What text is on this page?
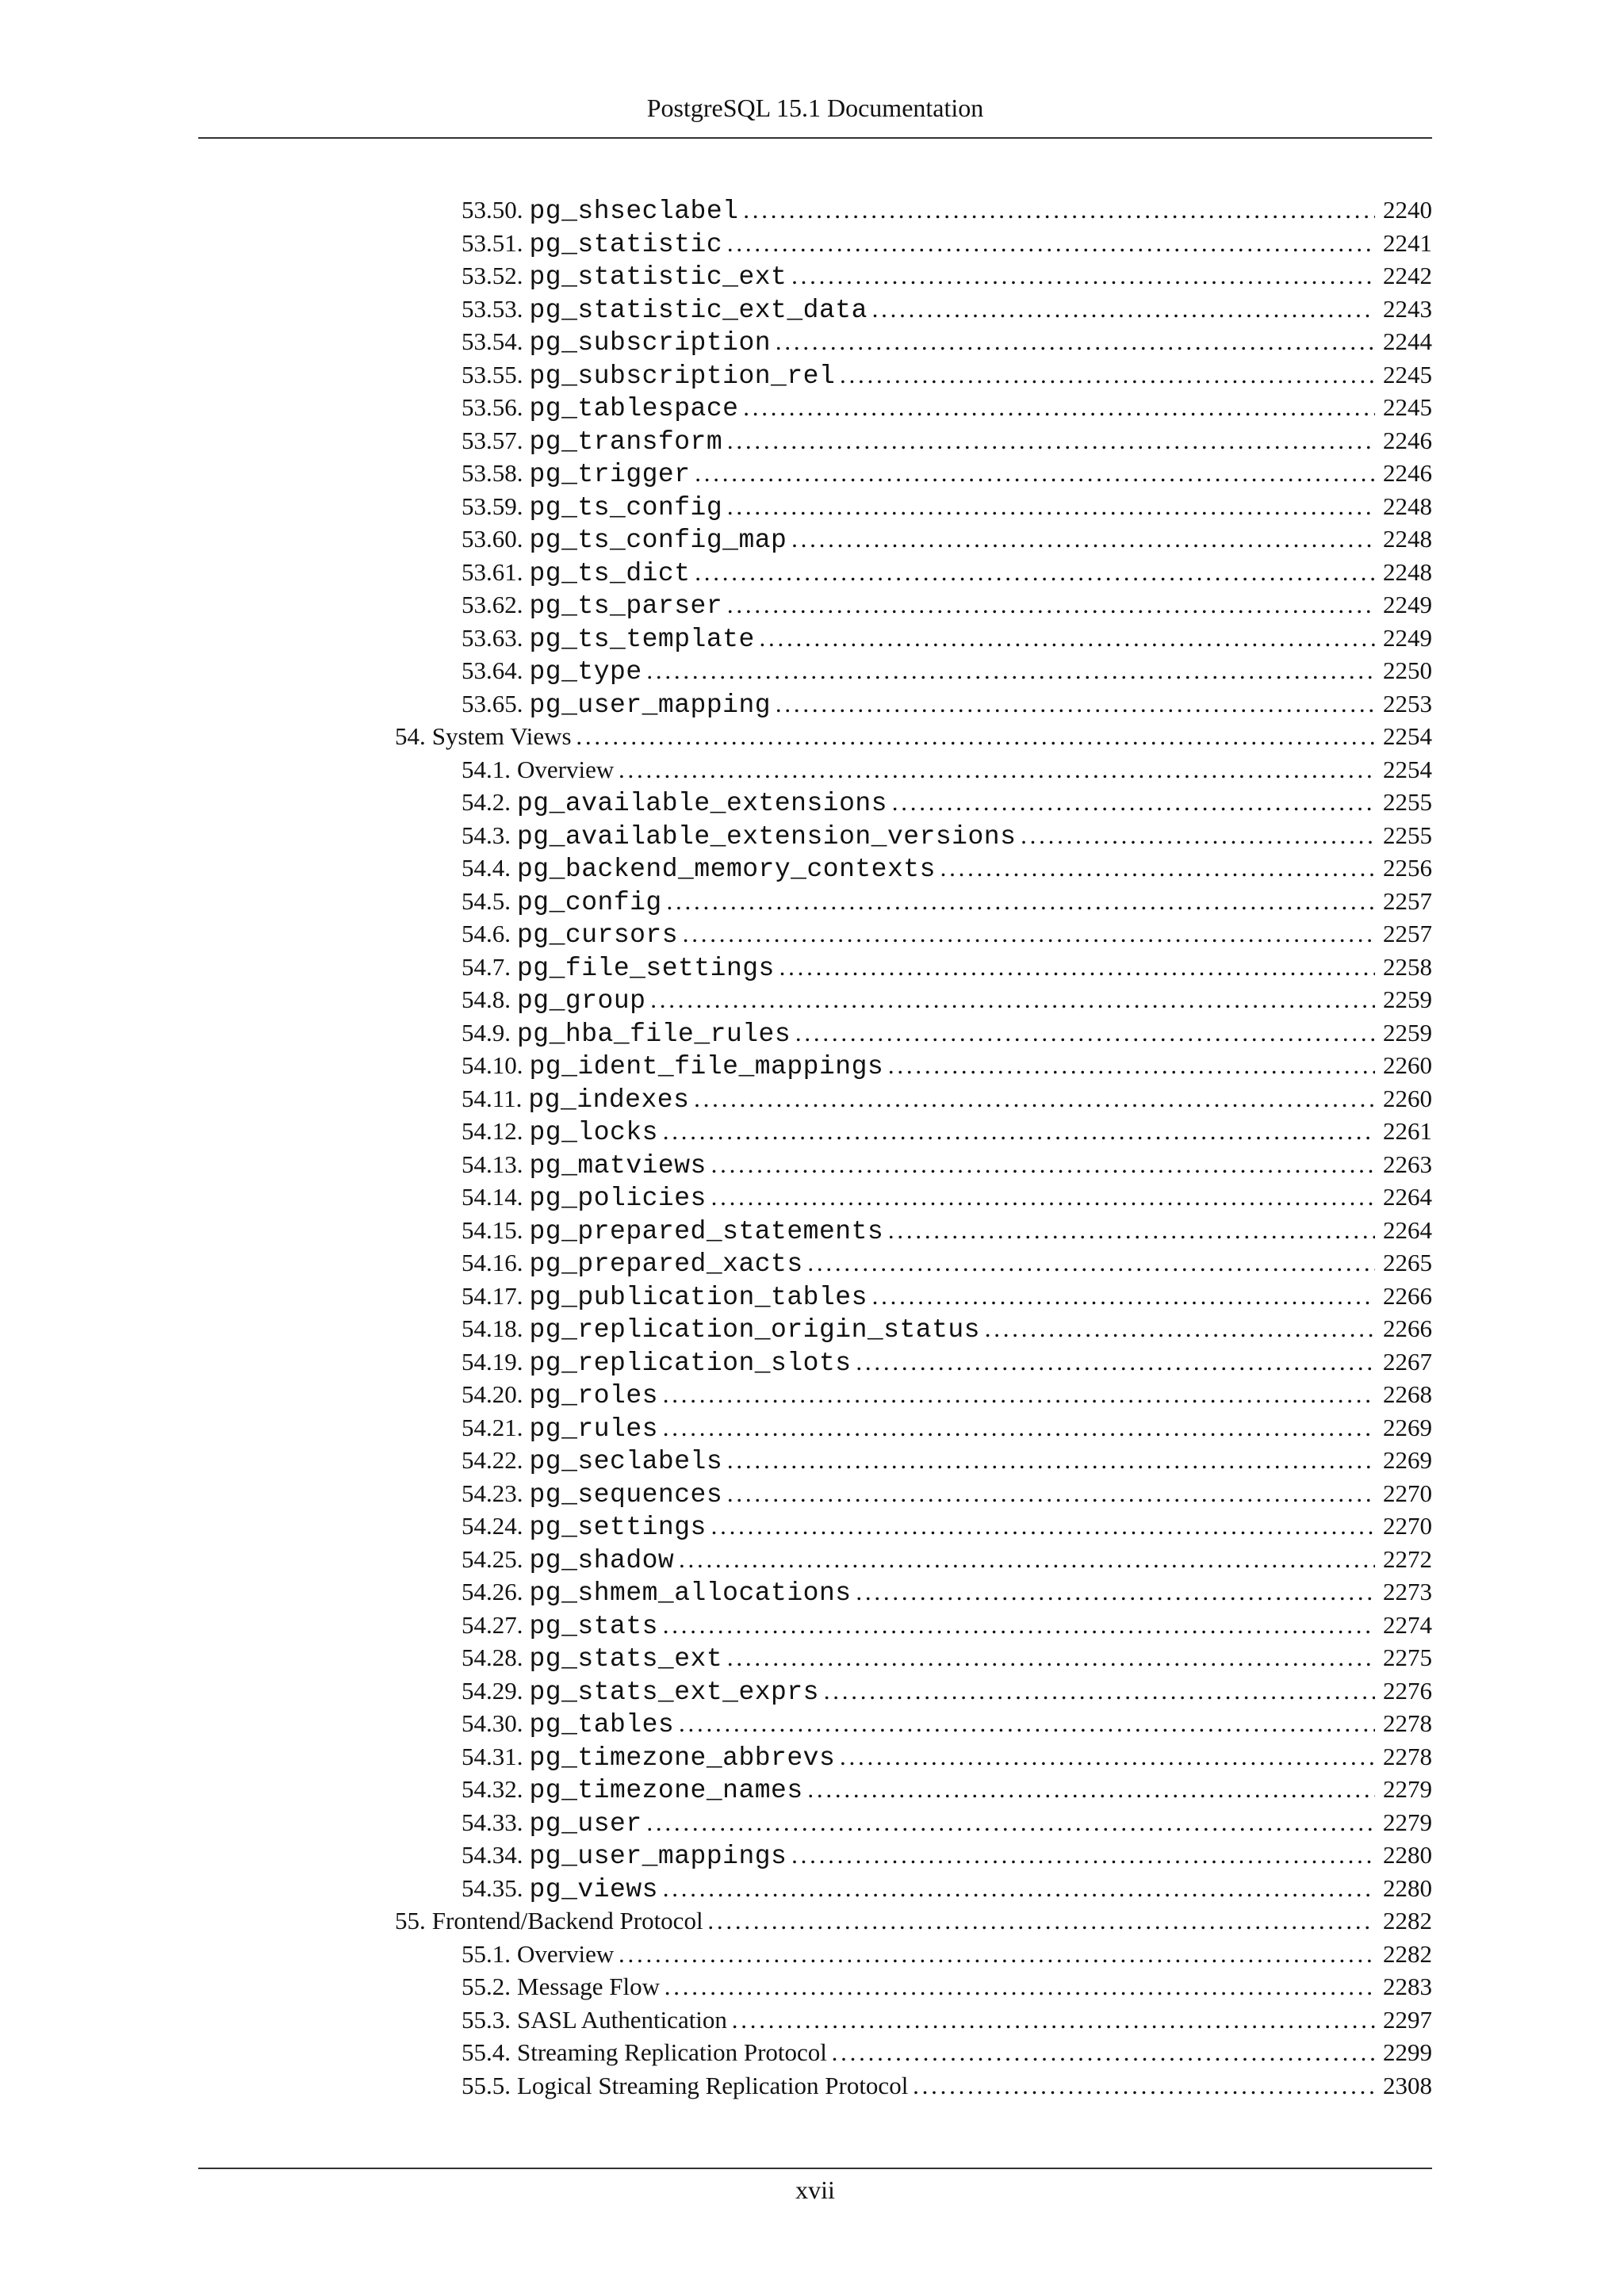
PostgreSQL 15.1 Documentation
53.50. pg_shseclabel . . .	2240
53.51. pg_statistic . . .	2241
53.52. pg_statistic_ext . . .	2242
53.53. pg_statistic_ext_data . . .	2243
53.54. pg_subscription . . .	2244
53.55. pg_subscription_rel . . .	2245
53.56. pg_tablespace . . .	2245
53.57. pg_transform . . .	2246
53.58. pg_trigger . . .	2246
53.59. pg_ts_config . . .	2248
53.60. pg_ts_config_map . . .	2248
53.61. pg_ts_dict . . .	2248
53.62. pg_ts_parser . . .	2249
53.63. pg_ts_template . . .	2249
53.64. pg_type . . .	2250
53.65. pg_user_mapping . . .	2253
54. System Views . . .	2254
54.1. Overview . . .	2254
54.2. pg_available_extensions . . .	2255
54.3. pg_available_extension_versions . . .	2255
54.4. pg_backend_memory_contexts . . .	2256
54.5. pg_config . . .	2257
54.6. pg_cursors . . .	2257
54.7. pg_file_settings . . .	2258
54.8. pg_group . . .	2259
54.9. pg_hba_file_rules . . .	2259
54.10. pg_ident_file_mappings . . .	2260
54.11. pg_indexes . . .	2260
54.12. pg_locks . . .	2261
54.13. pg_matviews . . .	2263
54.14. pg_policies . . .	2264
54.15. pg_prepared_statements . . .	2264
54.16. pg_prepared_xacts . . .	2265
54.17. pg_publication_tables . . .	2266
54.18. pg_replication_origin_status . . .	2266
54.19. pg_replication_slots . . .	2267
54.20. pg_roles . . .	2268
54.21. pg_rules . . .	2269
54.22. pg_seclabels . . .	2269
54.23. pg_sequences . . .	2270
54.24. pg_settings . . .	2270
54.25. pg_shadow . . .	2272
54.26. pg_shmem_allocations . . .	2273
54.27. pg_stats . . .	2274
54.28. pg_stats_ext . . .	2275
54.29. pg_stats_ext_exprs . . .	2276
54.30. pg_tables . . .	2278
54.31. pg_timezone_abbrevs . . .	2278
54.32. pg_timezone_names . . .	2279
54.33. pg_user . . .	2279
54.34. pg_user_mappings . . .	2280
54.35. pg_views . . .	2280
55. Frontend/Backend Protocol . . .	2282
55.1. Overview . . .	2282
55.2. Message Flow . . .	2283
55.3. SASL Authentication . . .	2297
55.4. Streaming Replication Protocol . . .	2299
55.5. Logical Streaming Replication Protocol . . .	2308
xvii
